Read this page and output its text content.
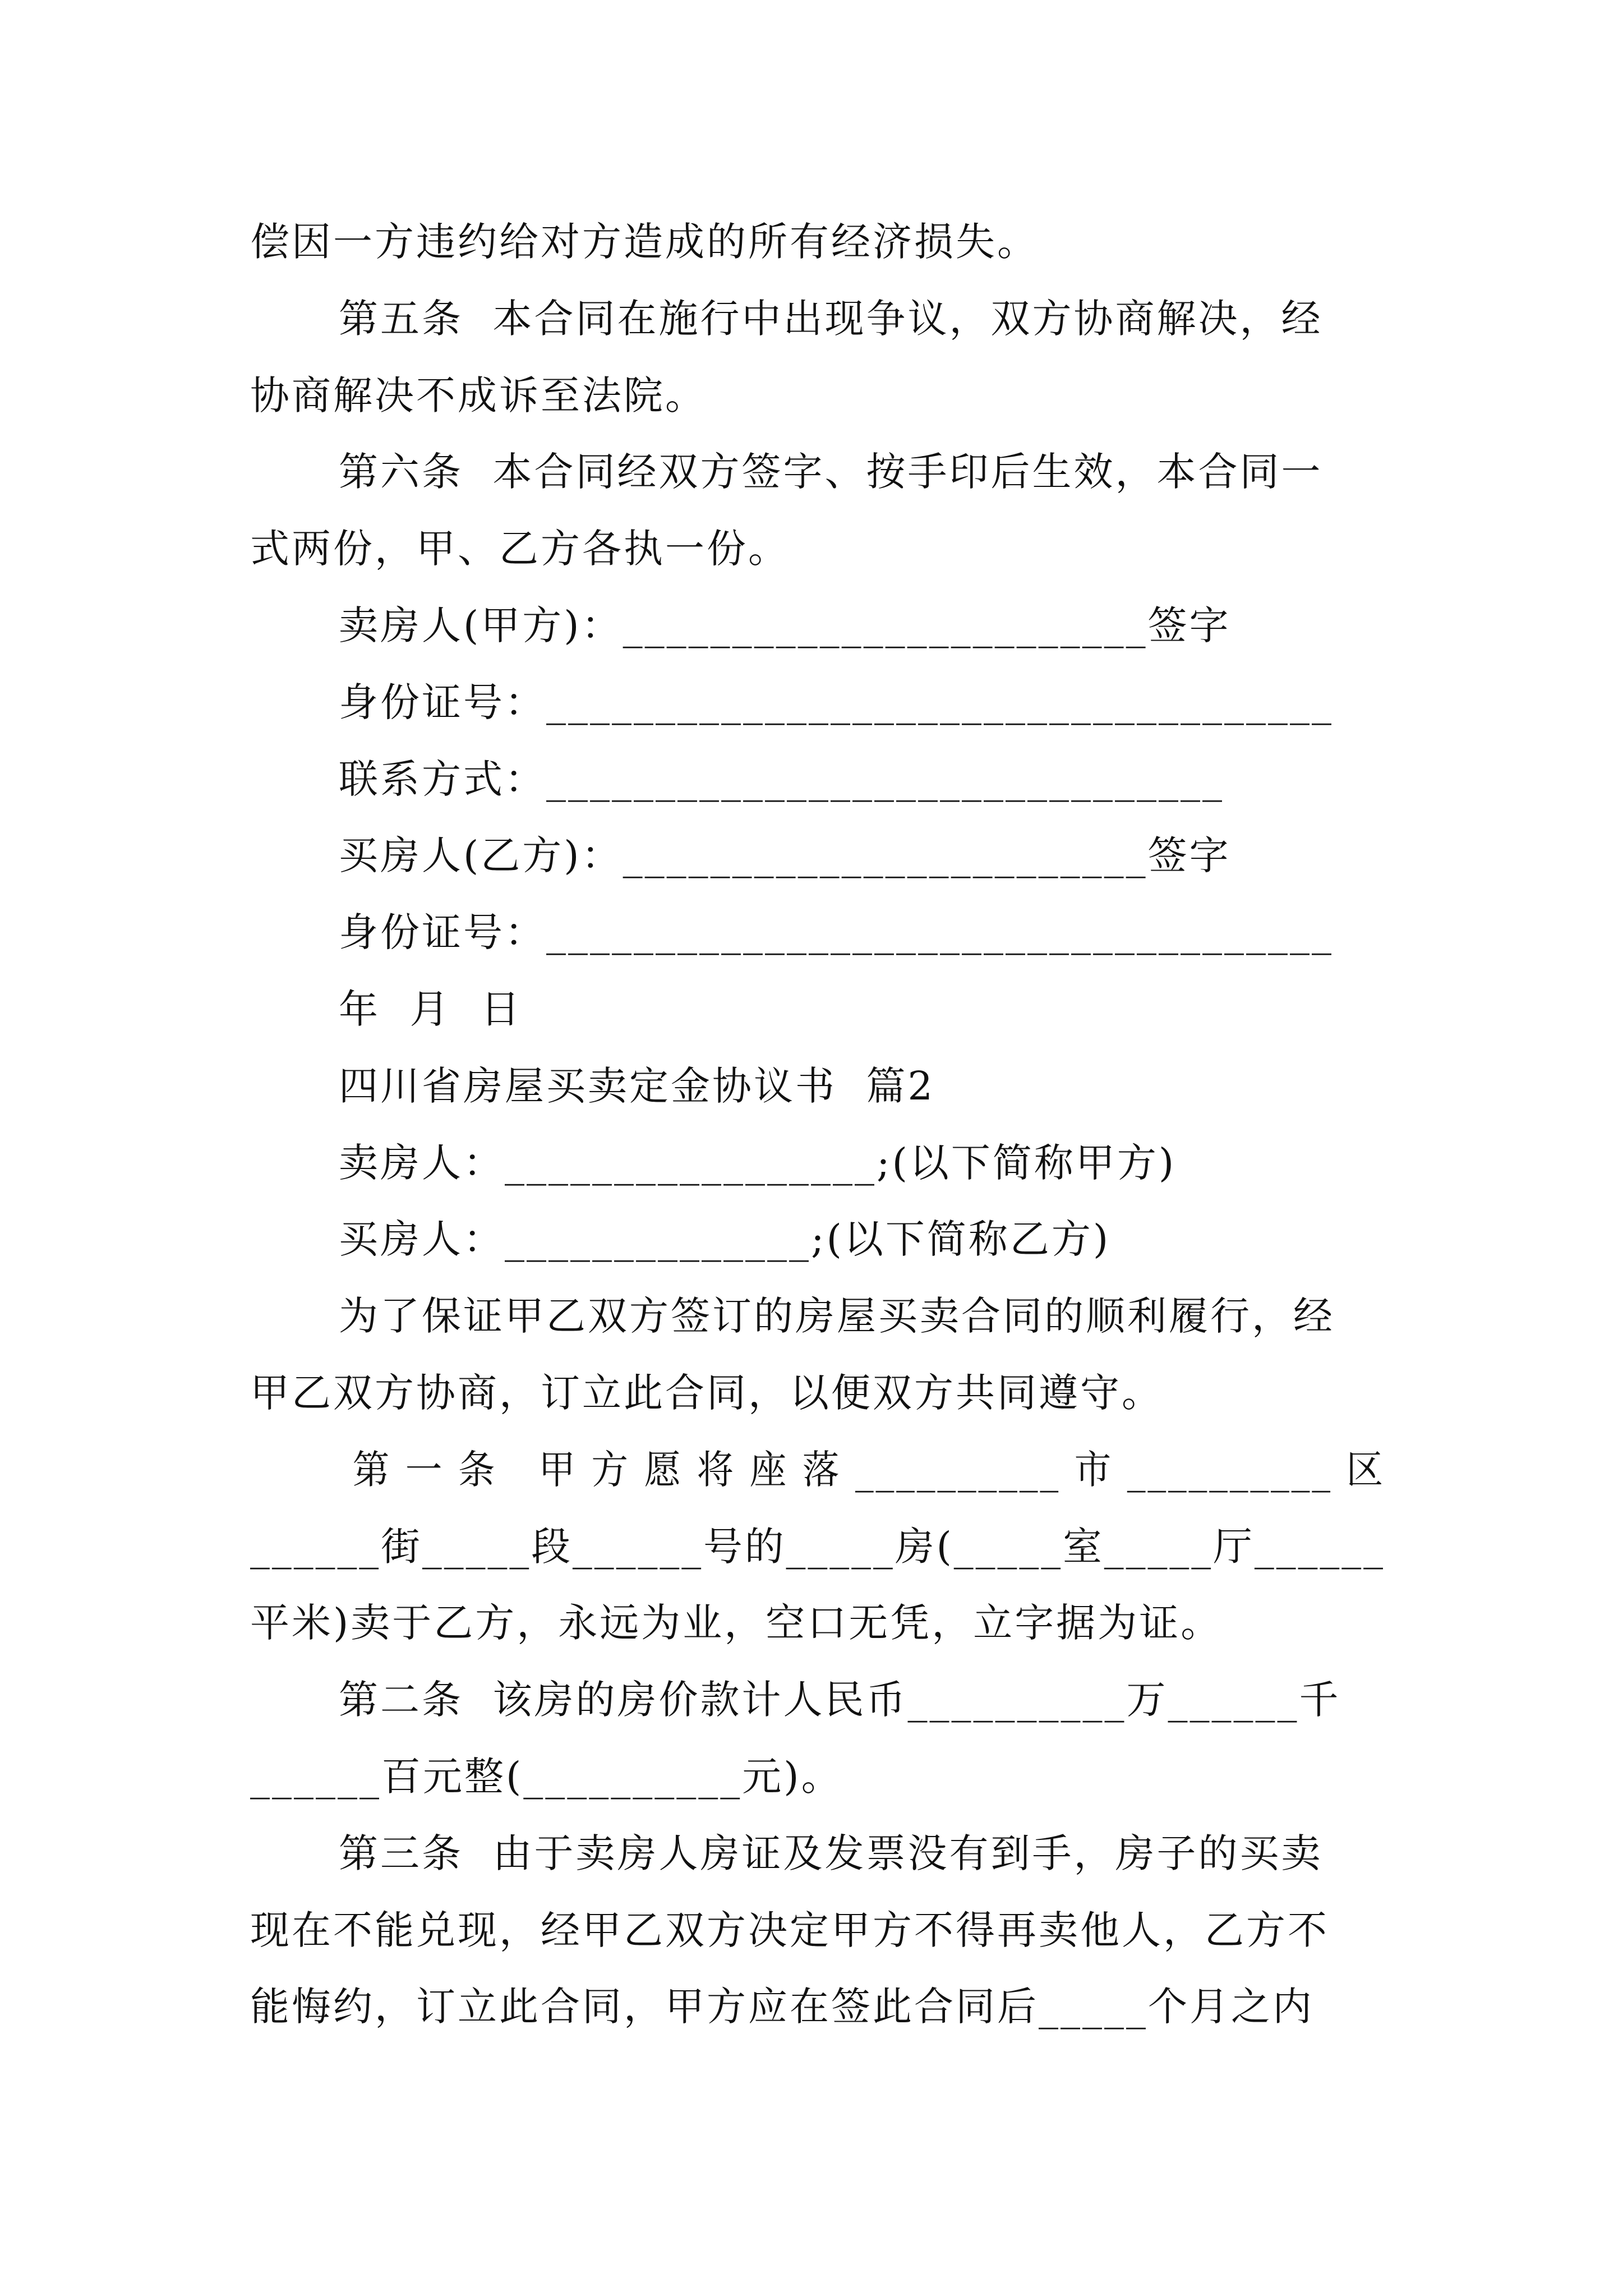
偿因一方违约给对方造成的所有经济损失。
第五条  本合同在施行中出现争议，双方协商解决，经
协商解决不成诉至法院。
第六条  本合同经双方签字、按手印后生效，本合同一
式两份，甲、乙方各执一份。
卖房人(甲方)：________________________签字
身份证号：____________________________________
联系方式：_______________________________
买房人(乙方)：________________________签字
身份证号：____________________________________
年  月  日
四川省房屋买卖定金协议书  篇2
卖房人：_________________;(以下简称甲方)
买房人：______________;(以下简称乙方)
为了保证甲乙双方签订的房屋买卖合同的顺利履行，经
甲乙双方协商，订立此合同，以便双方共同遵守。
第 一 条   甲 方 愿 将 座 落 __________ 市 __________ 区
______街_____段______号的_____房(_____室_____厅______
平米)卖于乙方，永远为业，空口无凭，立字据为证。
第二条  该房的房价款计人民币__________万______千
______百元整(__________元)。
第三条  由于卖房人房证及发票没有到手，房子的买卖
现在不能兑现，经甲乙双方决定甲方不得再卖他人，乙方不
能悔约，订立此合同，甲方应在签此合同后_____个月之内
